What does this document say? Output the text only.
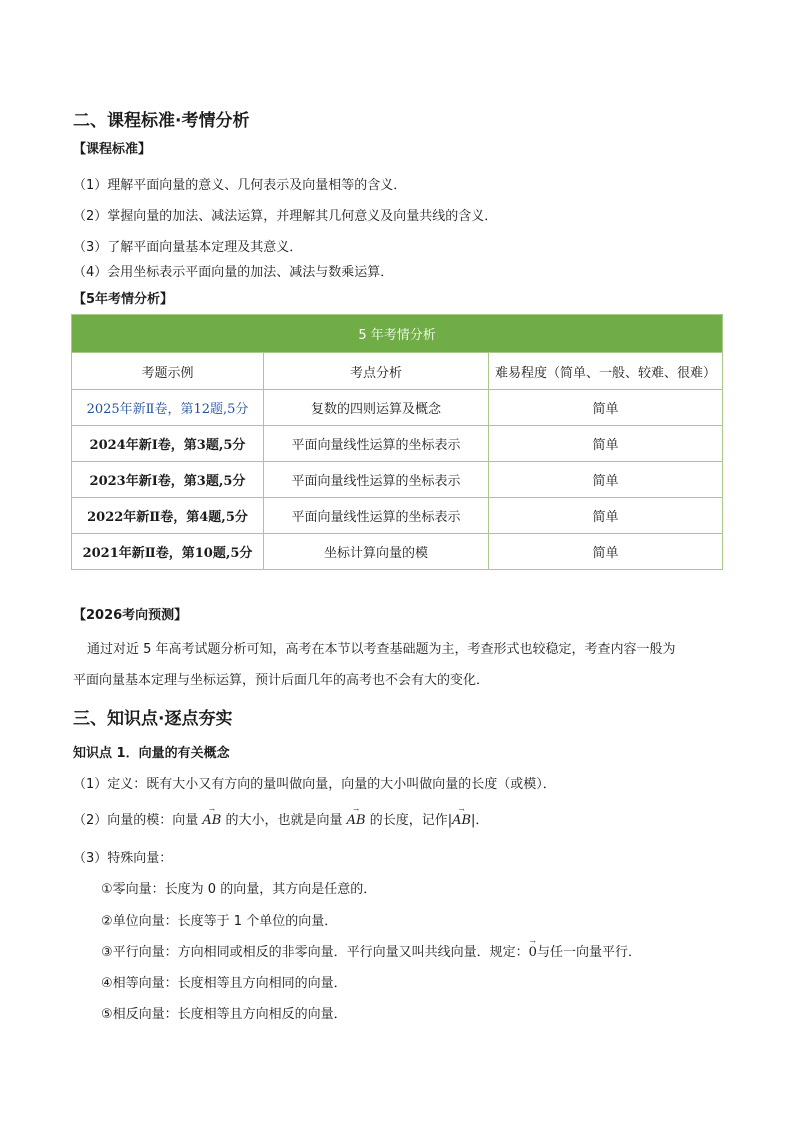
二、课程标准·考情分析
【课程标准】
（1）理解平面向量的意义、几何表示及向量相等的含义．
（2）掌握向量的加法、减法运算，并理解其几何意义及向量共线的含义．
（3）了解平面向量基本定理及其意义．
（4）会用坐标表示平面向量的加法、减法与数乘运算．
【5年考情分析】
5 年考情分析		
考题示例	考点分析	难易程度（简单、一般、较难、很难）
2025年新Ⅱ卷，第12题,5分	复数的四则运算及概念	简单
2024年新Ⅰ卷，第3题,5分	平面向量线性运算的坐标表示	简单
2023年新Ⅰ卷，第3题,5分	平面向量线性运算的坐标表示	简单
2022年新Ⅱ卷，第4题,5分	平面向量线性运算的坐标表示	简单
2021年新Ⅱ卷，第10题,5分	坐标计算向量的模	简单
【2026考向预测】
通过对近 5 年高考试题分析可知，高考在本节以考查基础题为主，考查形式也较稳定，考查内容一般为
平面向量基本定理与坐标运算，预计后面几年的高考也不会有大的变化．
三、知识点·逐点夯实
知识点 1．向量的有关概念
（1）定义：既有大小又有方向的量叫做向量，向量的大小叫做向量的长度（或模）．
（2）向量的模：向量
→
AB 的大小，也就是向量
→
AB 的长度，记作|
→
AB|．
（3）特殊向量：
①零向量：长度为 0 的向量，其方向是任意的．
②单位向量：长度等于 1 个单位的向量．
③平行向量：方向相同或相反的非零向量．平行向量又叫共线向量．规定：
→
0与任一向量平行．
④相等向量：长度相等且方向相同的向量．
⑤相反向量：长度相等且方向相反的向量．
